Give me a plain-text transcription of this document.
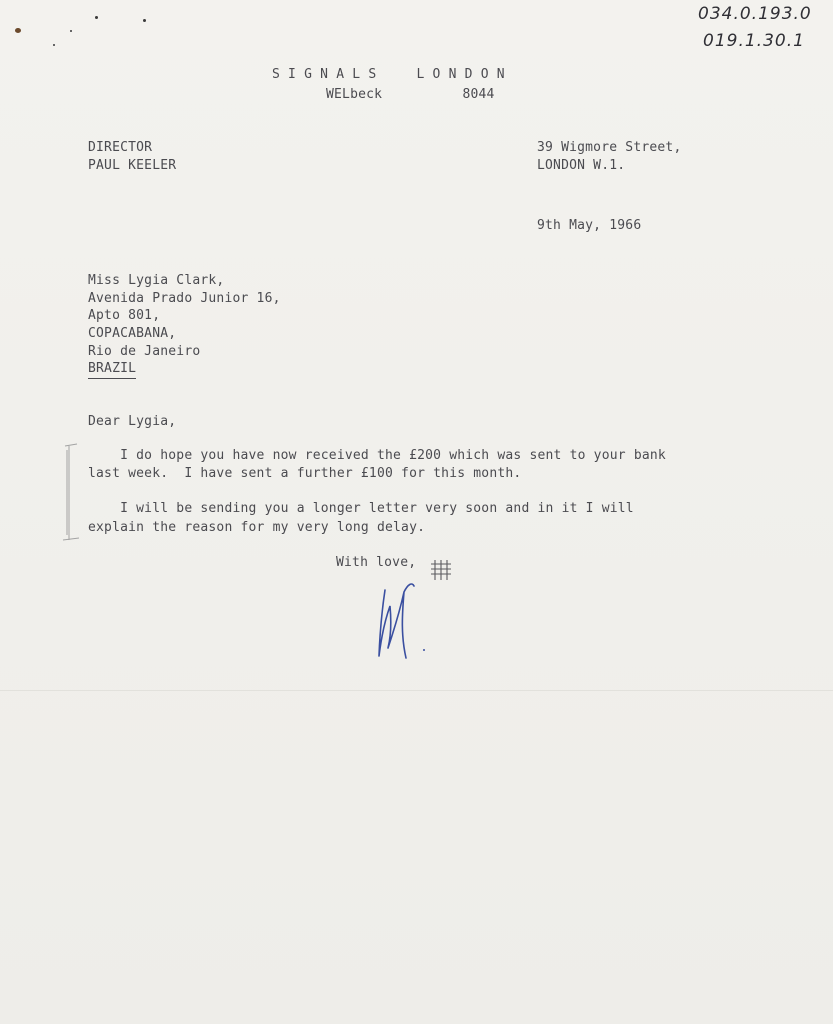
034.0.193.0
019.1.30.1
S I G N A L S     L O N D O N
WELbeck          8044
DIRECTOR
PAUL KEELER
39 Wigmore Street,
LONDON W.1.
9th May, 1966
Miss Lygia Clark,
Avenida Prado Junior 16,
Apto 801,
COPACABANA,
Rio de Janeiro
BRAZIL
Dear Lygia,
I do hope you have now received the £200 which was sent to your bank
last week.  I have sent a further £100 for this month.
I will be sending you a longer letter very soon and in it I will
explain the reason for my very long delay.
With love,
